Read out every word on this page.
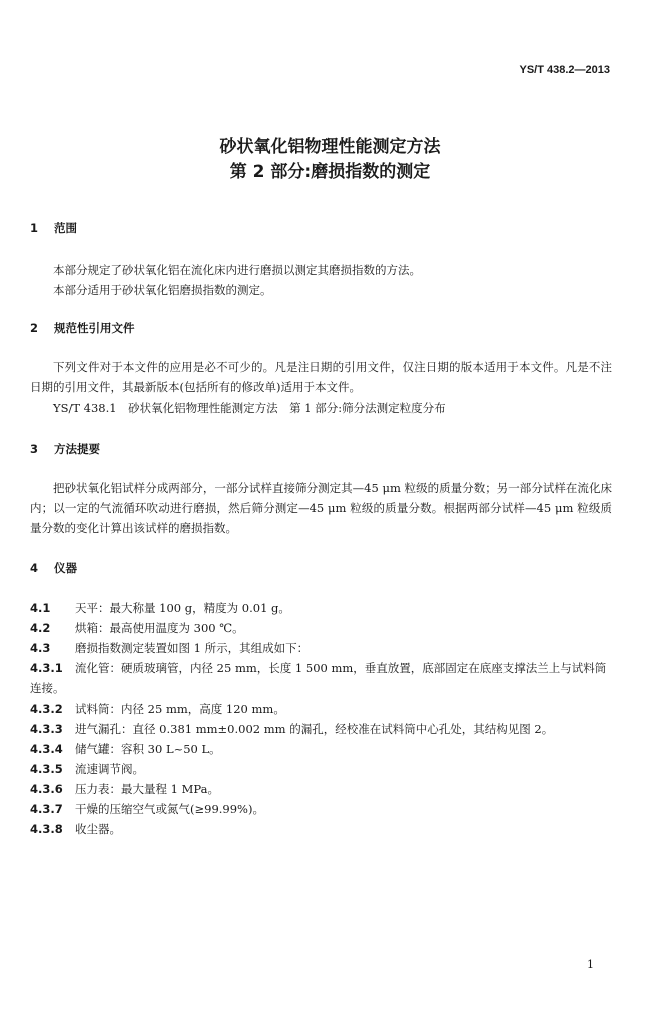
YS/T 438.2—2013
砂状氧化铝物理性能测定方法
第 2 部分:磨损指数的测定
1 范围
本部分规定了砂状氧化铝在流化床内进行磨损以测定其磨损指数的方法。
本部分适用于砂状氧化铝磨损指数的测定。
2 规范性引用文件
下列文件对于本文件的应用是必不可少的。凡是注日期的引用文件，仅注日期的版本适用于本文件。凡是不注日期的引用文件，其最新版本(包括所有的修改单)适用于本文件。
YS/T 438.1　砂状氧化铝物理性能测定方法　第 1 部分:筛分法测定粒度分布
3 方法提要
把砂状氧化铝试样分成两部分，一部分试样直接筛分测定其—45 μm 粒级的质量分数；另一部分试样在流化床内；以一定的气流循环吹动进行磨损，然后筛分测定—45 μm 粒级的质量分数。根据两部分试样—45 μm 粒级质量分数的变化计算出该试样的磨损指数。
4 仪器
4.1 天平：最大称量 100 g，精度为 0.01 g。
4.2 烘箱：最高使用温度为 300 ℃。
4.3 磨损指数测定装置如图 1 所示，其组成如下：
4.3.1 流化管：硬质玻璃管，内径 25 mm，长度 1 500 mm，垂直放置，底部固定在底座支撑法兰上与试料筒连接。
4.3.2 试料筒：内径 25 mm，高度 120 mm。
4.3.3 进气漏孔：直径 0.381 mm±0.002 mm 的漏孔，经校准在试料筒中心孔处，其结构见图 2。
4.3.4 储气罐：容积 30 L~50 L。
4.3.5 流速调节阀。
4.3.6 压力表：最大量程 1 MPa。
4.3.7 干燥的压缩空气或氮气(≥99.99%)。
4.3.8 收尘器。
1
